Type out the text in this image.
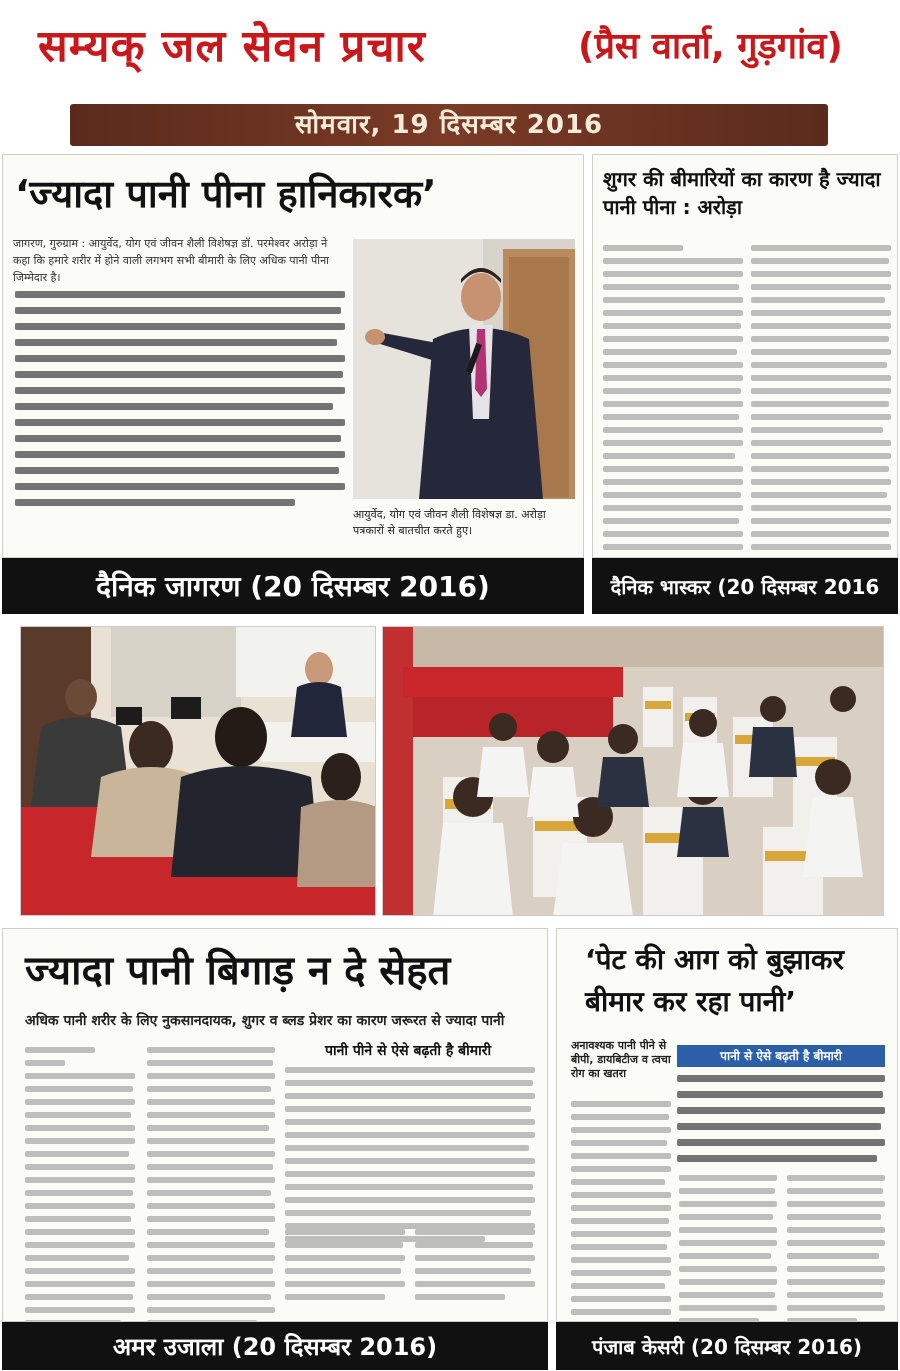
सम्यक् जल सेवन प्रचार	(प्रैस वार्ता, गुड़गांव)
सोमवार, 19 दिसम्बर 2016
‘ज्यादा पानी पीना हानिकारक’
जागरण, गुरुग्राम : आयुर्वेद, योग एवं जीवन शैली विशेषज्ञ डॉ. परमेश्वर अरोड़ा ने कहा कि हमारे शरीर में होने वाली लगभग सभी बीमारी के लिए अधिक पानी पीना जिम्मेदार है।
आयुर्वेद, योग एवं जीवन शैली विशेषज्ञ डा. अरोड़ा पत्रकारों से बातचीत करते हुए।
दैनिक जागरण (20 दिसम्बर 2016)
शुगर की बीमारियों का कारण है ज्यादा पानी पीना : अरोड़ा
दैनिक भास्कर (20 दिसम्बर 2016
ज्यादा पानी बिगाड़ न दे सेहत
अधिक पानी शरीर के लिए नुकसानदायक, शुगर व ब्लड प्रेशर का कारण जरूरत से ज्यादा पानी
पानी पीने से ऐसे बढ़ती है बीमारी
अमर उजाला (20 दिसम्बर 2016)
‘पेट की आग को बुझाकर बीमार कर रहा पानी’
अनावश्यक पानी पीने से बीपी, डायबिटीज व त्वचा रोग का खतरा
पानी से ऐसे बढ़ती है बीमारी
पंजाब केसरी (20 दिसम्बर 2016)
